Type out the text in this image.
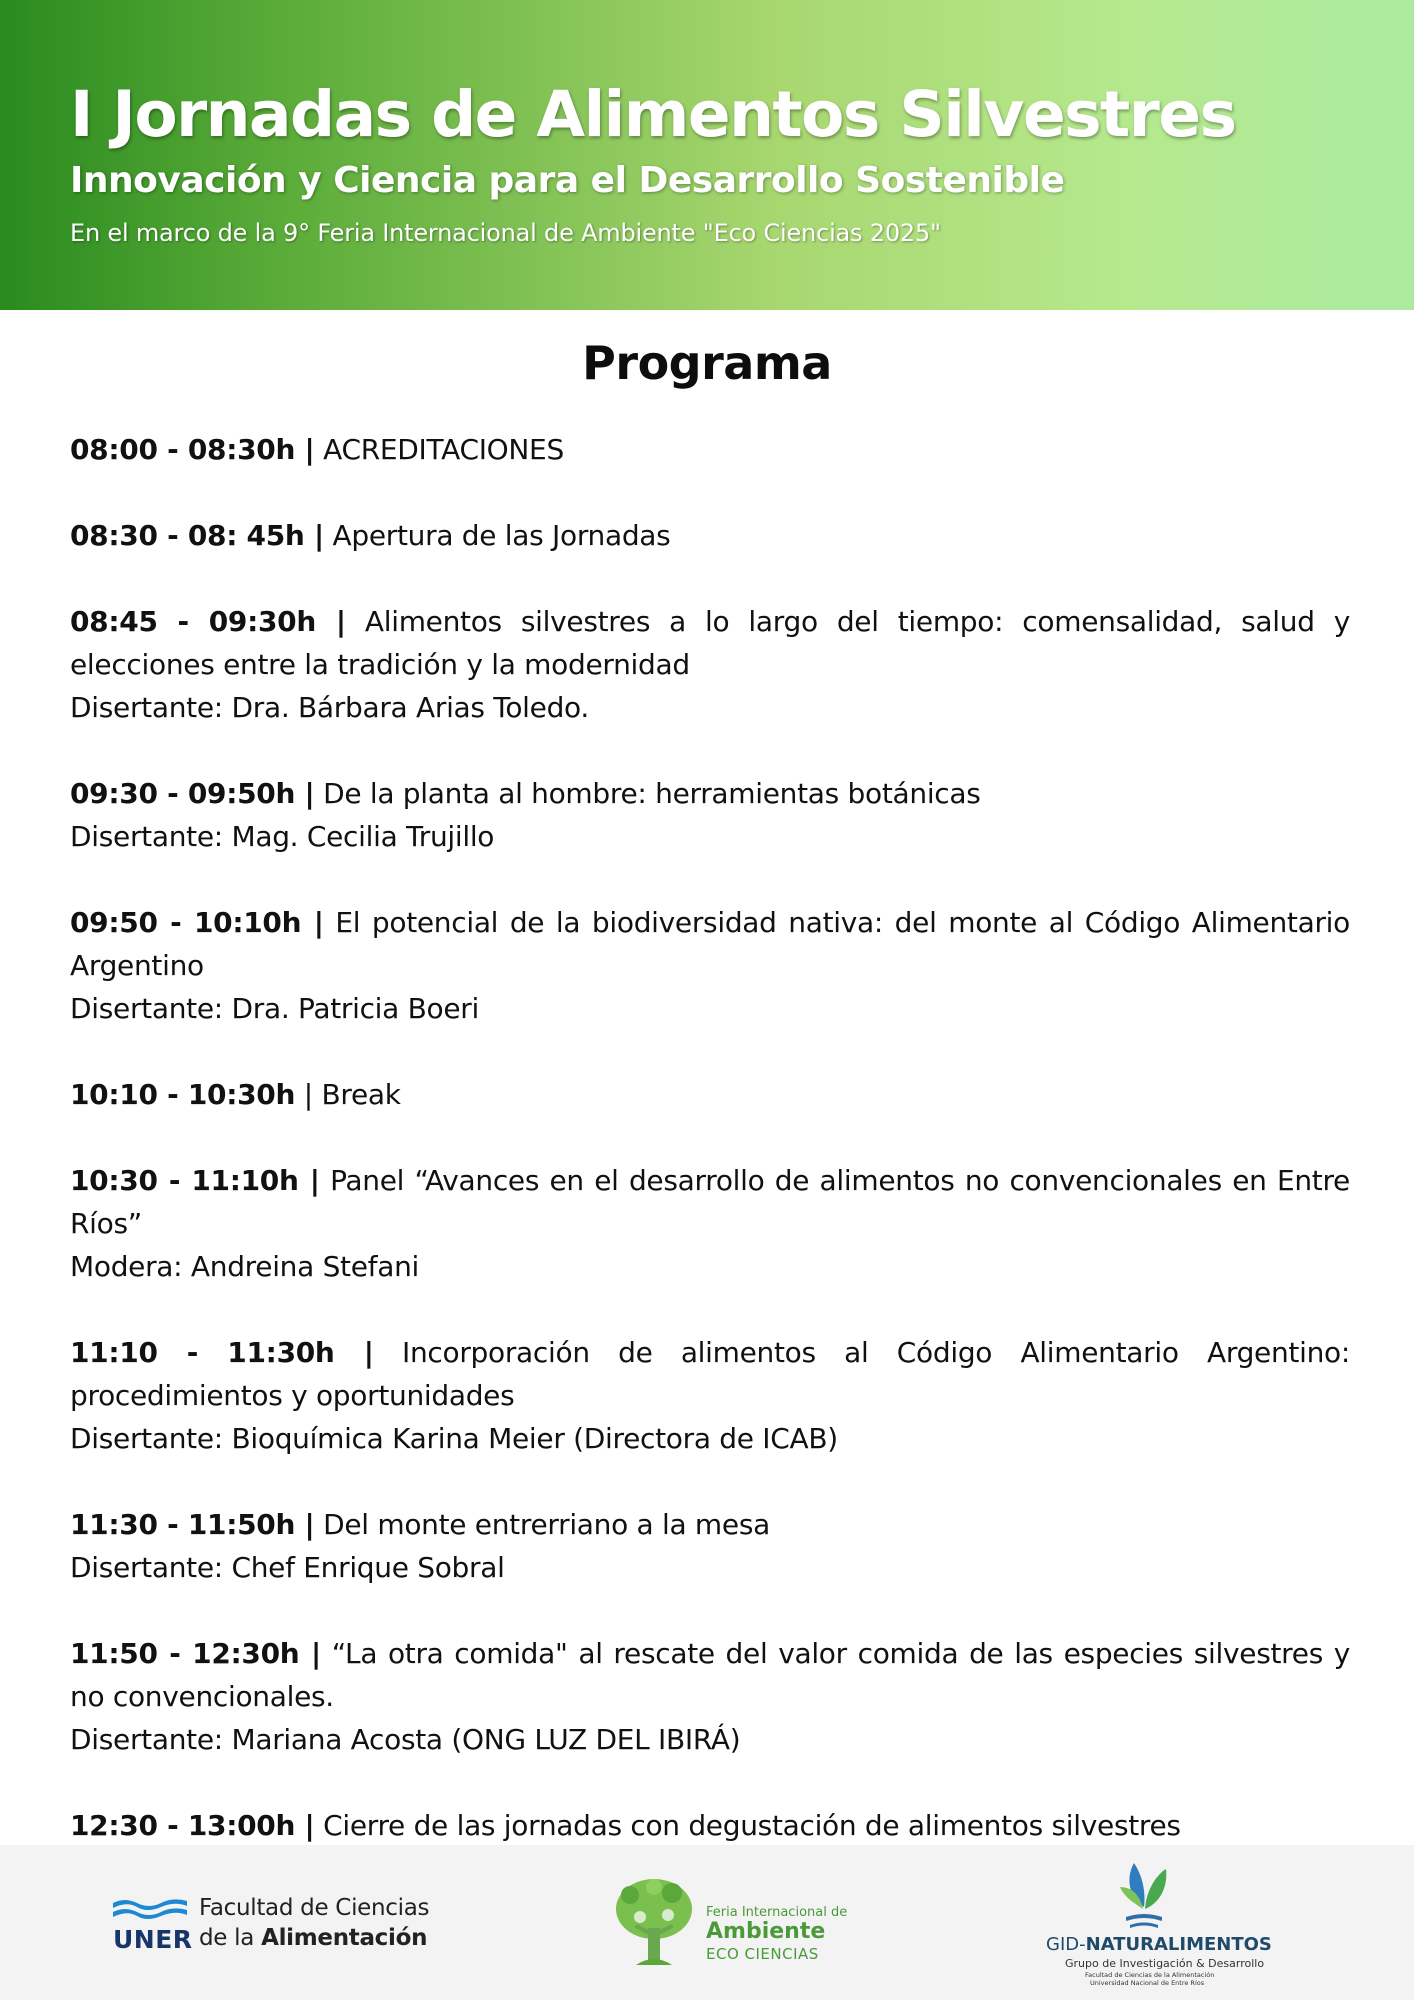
I Jornadas de Alimentos Silvestres
Innovación y Ciencia para el Desarrollo Sostenible

En el marco de la 9° Feria Internacional de Ambiente "Eco Ciencias 2025"

Programa

08:00 - 08:30h | ACREDITACIONES

08:30 - 08: 45h | Apertura de las Jornadas

08:45 - 09:30h | Alimentos silvestres a lo largo del tiempo: comensalidad, salud y elecciones entre la tradición y la modernidad

Disertante: Dra. Bárbara Arias Toledo.

09:30 - 09:50h | De la planta al hombre: herramientas botánicas

Disertante: Mag. Cecilia Trujillo

09:50 - 10:10h | El potencial de la biodiversidad nativa: del monte al Código Alimentario Argentino

Disertante: Dra. Patricia Boeri

10:10 - 10:30h | Break

10:30 - 11:10h | Panel “Avances en el desarrollo de alimentos no convencionales en Entre Ríos”

Modera: Andreina Stefani

11:10 - 11:30h | Incorporación de alimentos al Código Alimentario Argentino: procedimientos y oportunidades

Disertante: Bioquímica Karina Meier (Directora de ICAB)

11:30 - 11:50h | Del monte entrerriano a la mesa

Disertante: Chef Enrique Sobral

11:50 - 12:30h | “La otra comida" al rescate del valor comida de las especies silvestres y no convencionales.

Disertante: Mariana Acosta (ONG LUZ DEL IBIRÁ)

12:30 - 13:00h | Cierre de las jornadas con degustación de alimentos silvestres

UNER
Facultad de Ciencias
de la Alimentación
Feria Internacional de
Ambiente
ECO CIENCIAS	GID-NATURALIMENTOS
Grupo de Investigación & Desarrollo
Facultad de Ciencias de la Alimentación
Universidad Nacional de Entre Ríos
